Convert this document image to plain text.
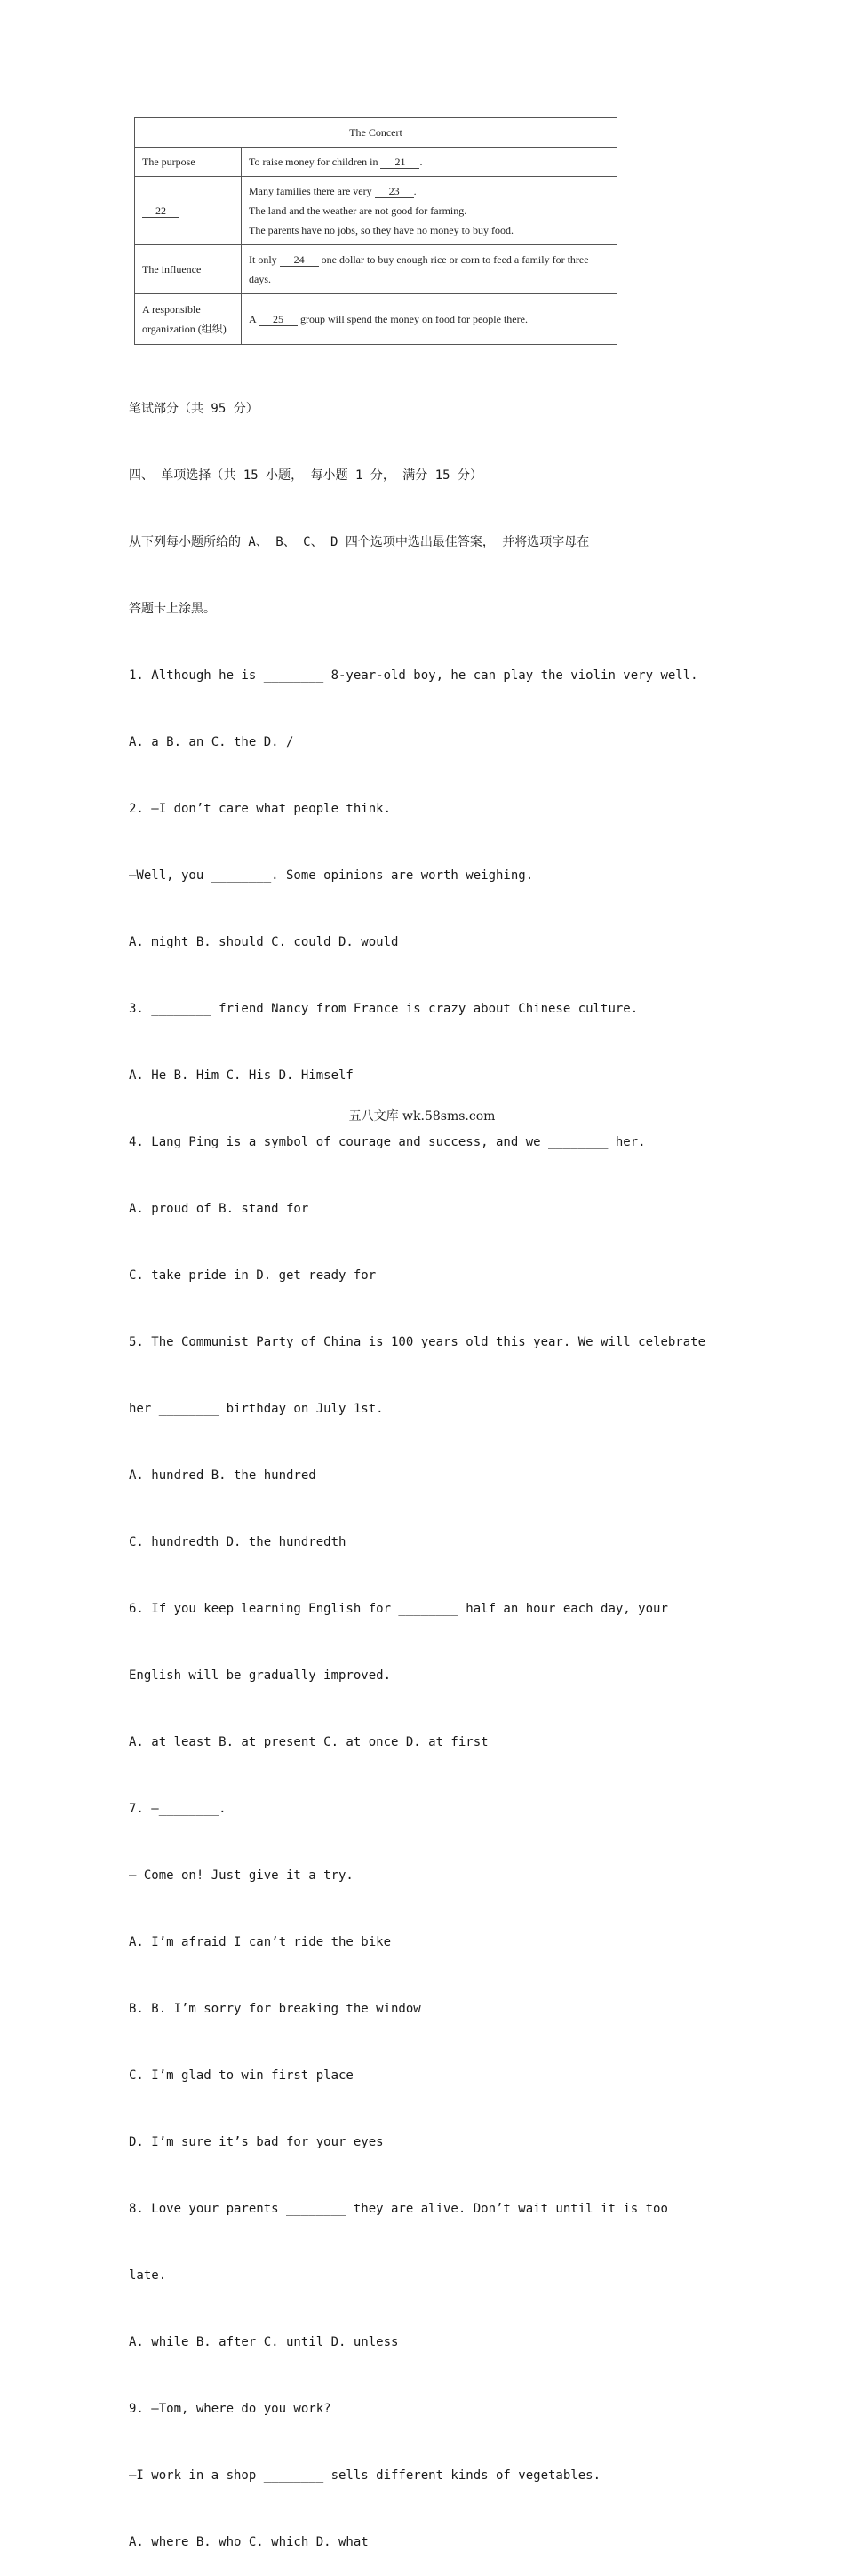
The Concert	
The purpose	To raise money for children in 21 .
22	Many families there are very 23 .
The land and the weather are not good for farming.
The parents have no jobs, so they have no money to buy food.

The influence	It only 24 one dollar to buy enough rice or corn to feed a family for three
days.

A responsible
organization (组织)	A 25 group will spend the money on food for people there.

笔试部分（共 95 分）

四、 单项选择（共 15 小题， 每小题 1 分， 满分 15 分）

从下列每小题所给的 A、 B、 C、 D 四个选项中选出最佳答案， 并将选项字母在

答题卡上涂黑。

1. Although he is ________ 8-year-old boy, he can play the violin very well.

A. a B. an C. the D. /

2. —I don’t care what people think.

—Well, you ________. Some opinions are worth weighing.

A. might B. should C. could D. would

3. ________ friend Nancy from France is crazy about Chinese culture.

A. He B. Him C. His D. Himself

4. Lang Ping is a symbol of courage and success, and we ________ her.

A. proud of B. stand for

C. take pride in D. get ready for

5. The Communist Party of China is 100 years old this year. We will celebrate

her ________ birthday on July 1st.

A. hundred B. the hundred

C. hundredth D. the hundredth

6. If you keep learning English for ________ half an hour each day, your

English will be gradually improved.

A. at least B. at present C. at once D. at first

7. —________.

— Come on! Just give it a try.

A. I’m afraid I can’t ride the bike

B. B. I’m sorry for breaking the window

C. I’m glad to win first place

D. I’m sure it’s bad for your eyes

8. Love your parents ________ they are alive. Don’t wait until it is too

late.

A. while B. after C. until D. unless

9. —Tom, where do you work?

—I work in a shop ________ sells different kinds of vegetables.

A. where B. who C. which D. what

五八文库 wk.58sms.com
